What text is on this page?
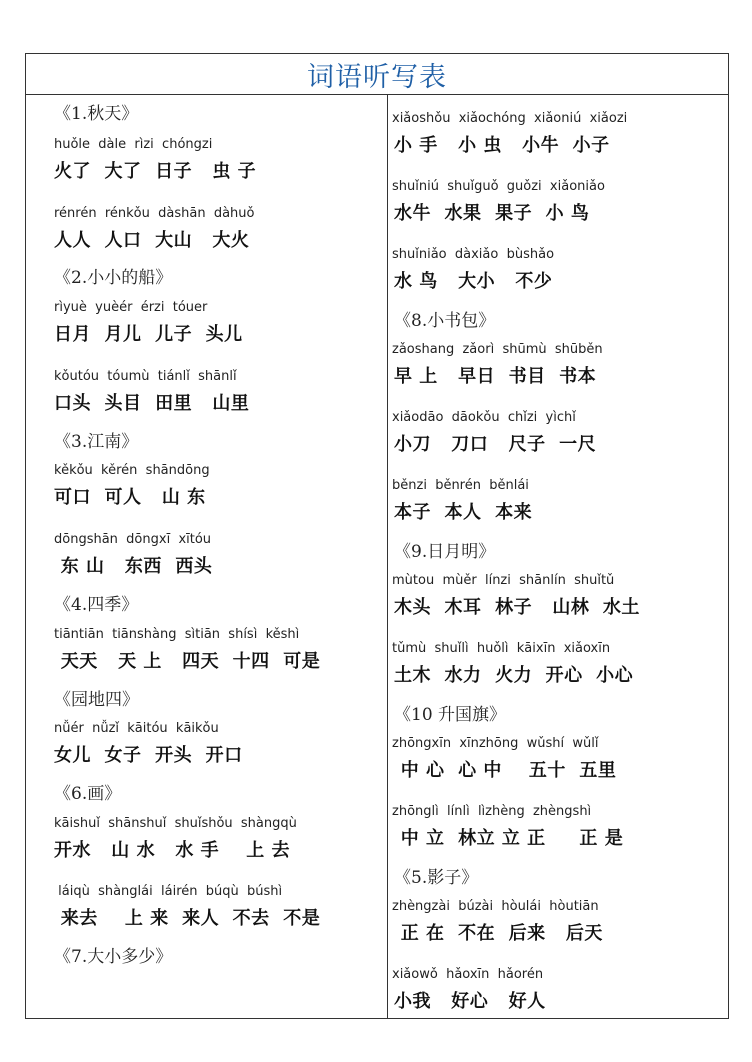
词语听写表
《1.秋天》
huǒle  dàle  rìzi  chóngzi
火了  大了  日子   虫 子
rénrén  rénkǒu  dàshān  dàhuǒ
人人  人口  大山   大火
《2.小小的船》
rìyuè  yuèér  érzi  tóuer
日月  月儿  儿子  头儿
kǒutóu  tóumù  tiánlǐ  shānlǐ
口头  头目  田里   山里
《3.江南》
kěkǒu  kěrén  shāndōng
可口  可人   山 东
dōngshān  dōngxī  xītóu
东 山   东西  西头
《4.四季》
tiāntiān  tiānshàng  sìtiān  shísì  kěshì
天天   天 上   四天  十四  可是
《园地四》
nǚér  nǚzǐ  kāitóu  kāikǒu
女儿  女子  开头  开口
《6.画》
kāishuǐ  shānshuǐ  shuǐshǒu  shàngqù
开水   山 水   水 手    上 去
láiqù  shànglái  láirén  búqù  búshì
来去    上 来  来人  不去  不是
《7.大小多少》
xiǎoshǒu  xiǎochóng  xiǎoniú  xiǎozi
小 手   小 虫   小牛  小子
shuǐniú  shuǐguǒ  guǒzi  xiǎoniǎo
水牛  水果  果子  小 鸟
shuǐniǎo  dàxiǎo  bùshǎo
水 鸟   大小   不少
《8.小书包》
zǎoshang  zǎorì  shūmù  shūběn
早 上   早日  书目  书本
xiǎodāo  dāokǒu  chǐzi  yìchǐ
小刀   刀口   尺子  一尺
běnzi  běnrén  běnlái
本子  本人  本来
《9.日月明》
mùtou  mùěr  línzi  shānlín  shuǐtǔ
木头  木耳  林子   山林  水土
tǔmù  shuǐlì  huǒlì  kāixīn  xiǎoxīn
土木  水力  火力  开心  小心
《10 升国旗》
zhōngxīn  xīnzhōng  wǔshí  wǔlǐ
中 心  心 中    五十  五里
zhōnglì  línlì  lìzhèng  zhèngshì
中 立  林立 立 正     正 是
《5.影子》
zhèngzài  búzài  hòulái  hòutiān
正 在  不在  后来   后天
xiǎowǒ  hǎoxīn  hǎorén
小我   好心   好人
